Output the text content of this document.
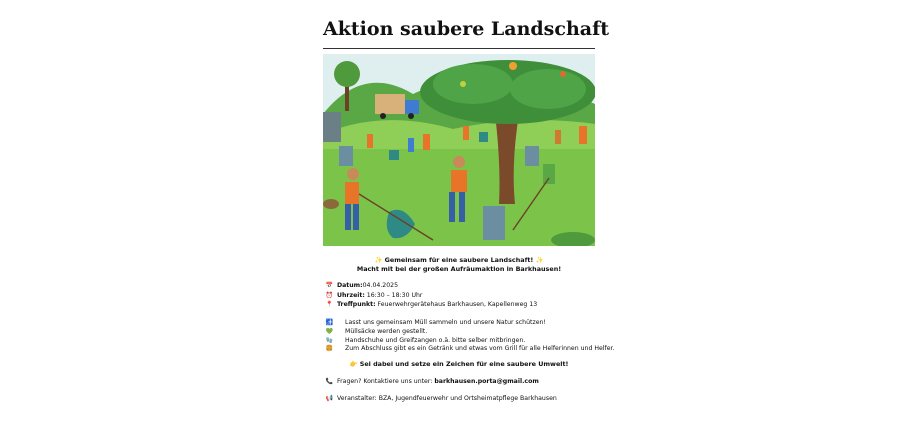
Aktion saubere Landschaft
✨ Gemeinsam für eine saubere Landschaft! ✨
Macht mit bei der großen Aufräumaktion in Barkhausen!
📅 Datum: 04.04.2025
⏰ Uhrzeit: 16:30 – 18:30 Uhr
📍 Treffpunkt: Feuerwehrgerätehaus Barkhausen, Kapellenweg 13
🚮 Lasst uns gemeinsam Müll sammeln und unsere Natur schützen!
💚 Müllsäcke werden gestellt.
🧤 Handschuhe und Greifzangen o.ä. bitte selber mitbringen.
🍔 Zum Abschluss gibt es ein Getränk und etwas vom Grill für alle Helferinnen und Helfer.
👉 Sei dabei und setze ein Zeichen für eine saubere Umwelt!
📞 Fragen? Kontaktiere uns unter: barkhausen.porta@gmail.com
📢 Veranstalter: BZA, Jugendfeuerwehr und Ortsheimatpflege Barkhausen
